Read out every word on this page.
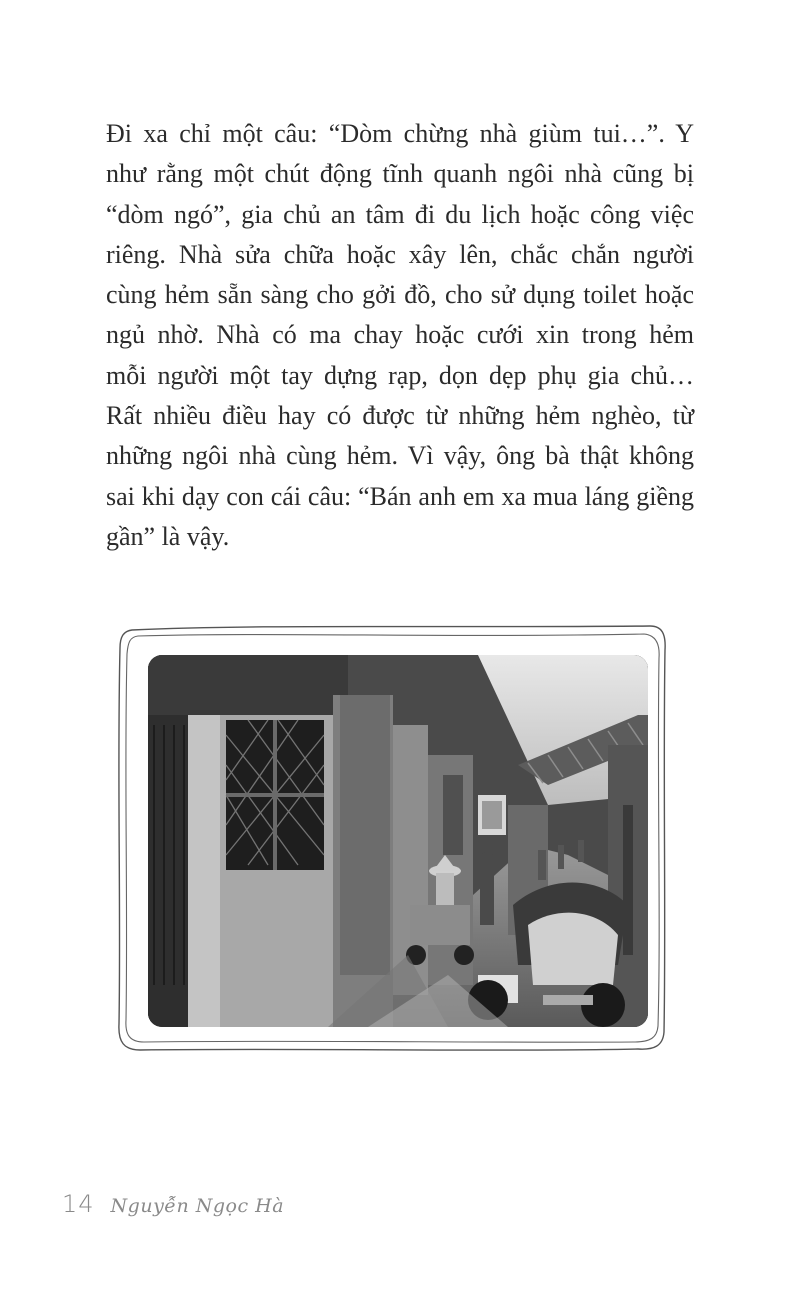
Đi xa chỉ một câu: “Dòm chừng nhà giùm tui…”. Y
như rằng một chút động tĩnh quanh ngôi nhà cũng bị
“dòm ngó”, gia chủ an tâm đi du lịch hoặc công việc
riêng. Nhà sửa chữa hoặc xây lên, chắc chắn người
cùng hẻm sẵn sàng cho gởi đồ, cho sử dụng toilet hoặc
ngủ nhờ. Nhà có ma chay hoặc cưới xin trong hẻm
mỗi người một tay dựng rạp, dọn dẹp phụ gia chủ…
Rất nhiều điều hay có được từ những hẻm nghèo, từ
những ngôi nhà cùng hẻm. Vì vậy, ông bà thật không
sai khi dạy con cái câu: “Bán anh em xa mua láng giềng
gần” là vậy.
14 Nguyễn Ngọc Hà
